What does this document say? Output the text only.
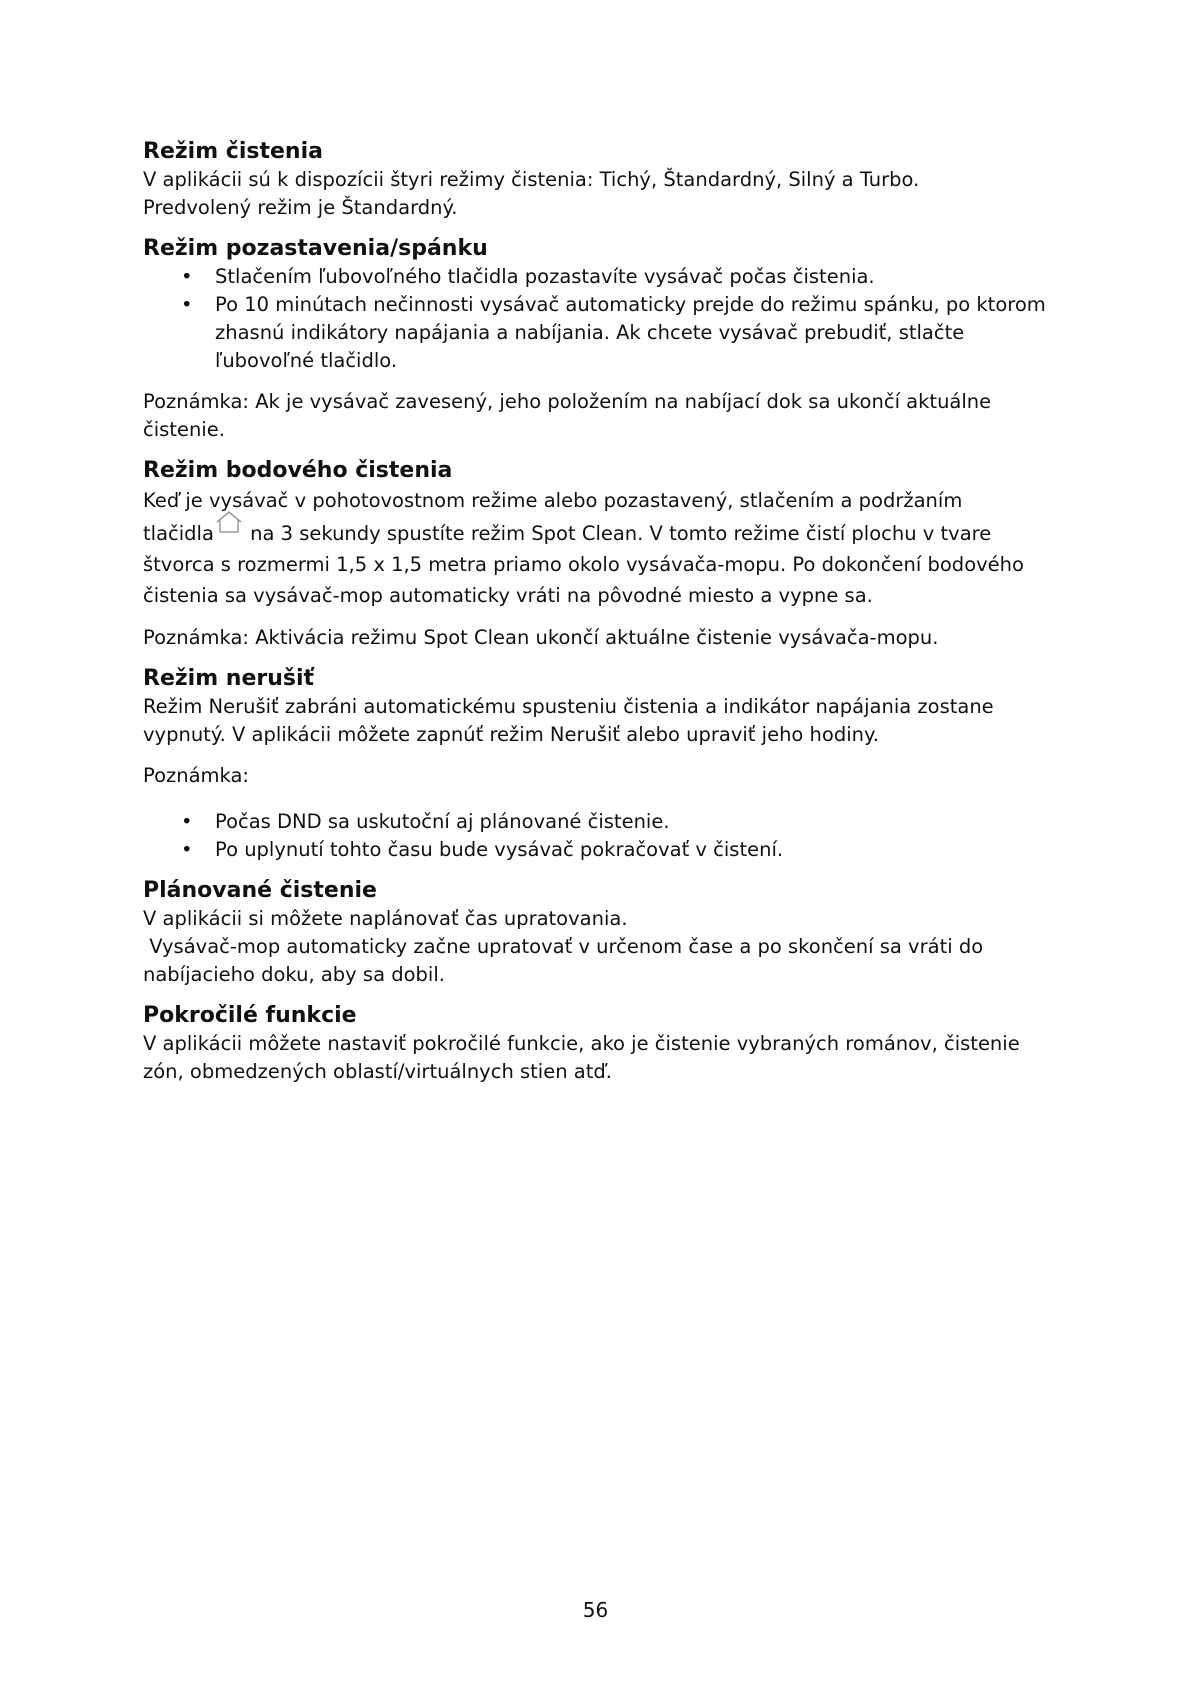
Režim čistenia

V aplikácii sú k dispozícii štyri režimy čistenia: Tichý, Štandardný, Silný a Turbo.
Predvolený režim je Štandardný.

Režim pozastavenia/spánku
• Stlačením ľubovoľného tlačidla pozastavíte vysávač počas čistenia.
• Po 10 minútach nečinnosti vysávač automaticky prejde do režimu spánku, po ktorom zhasnú indikátory napájania a nabíjania. Ak chcete vysávač prebudiť, stlačte ľubovoľné tlačidlo.

Poznámka: Ak je vysávač zavesený, jeho položením na nabíjací dok sa ukončí aktuálne čistenie.

Režim bodového čistenia

Keď je vysávač v pohotovostnom režime alebo pozastavený, stlačením a podržaním
tlačidla na 3 sekundy spustíte režim Spot Clean. V tomto režime čistí plochu v tvare štvorca s rozmermi 1,5 x 1,5 metra priamo okolo vysávača-mopu. Po dokončení bodového čistenia sa vysávač-mop automaticky vráti na pôvodné miesto a vypne sa.

Poznámka: Aktivácia režimu Spot Clean ukončí aktuálne čistenie vysávača-mopu.

Režim nerušiť

Režim Nerušiť zabráni automatickému spusteniu čistenia a indikátor napájania zostane vypnutý. V aplikácii môžete zapnúť režim Nerušiť alebo upraviť jeho hodiny.

Poznámka:

• Počas DND sa uskutoční aj plánované čistenie.
• Po uplynutí tohto času bude vysávač pokračovať v čistení.
Plánované čistenie

V aplikácii si môžete naplánovať čas upratovania.
Vysávač-mop automaticky začne upratovať v určenom čase a po skončení sa vráti do nabíjacieho doku, aby sa dobil.

Pokročilé funkcie

V aplikácii môžete nastaviť pokročilé funkcie, ako je čistenie vybraných románov, čistenie zón, obmedzených oblastí/virtuálnych stien atď.

56
